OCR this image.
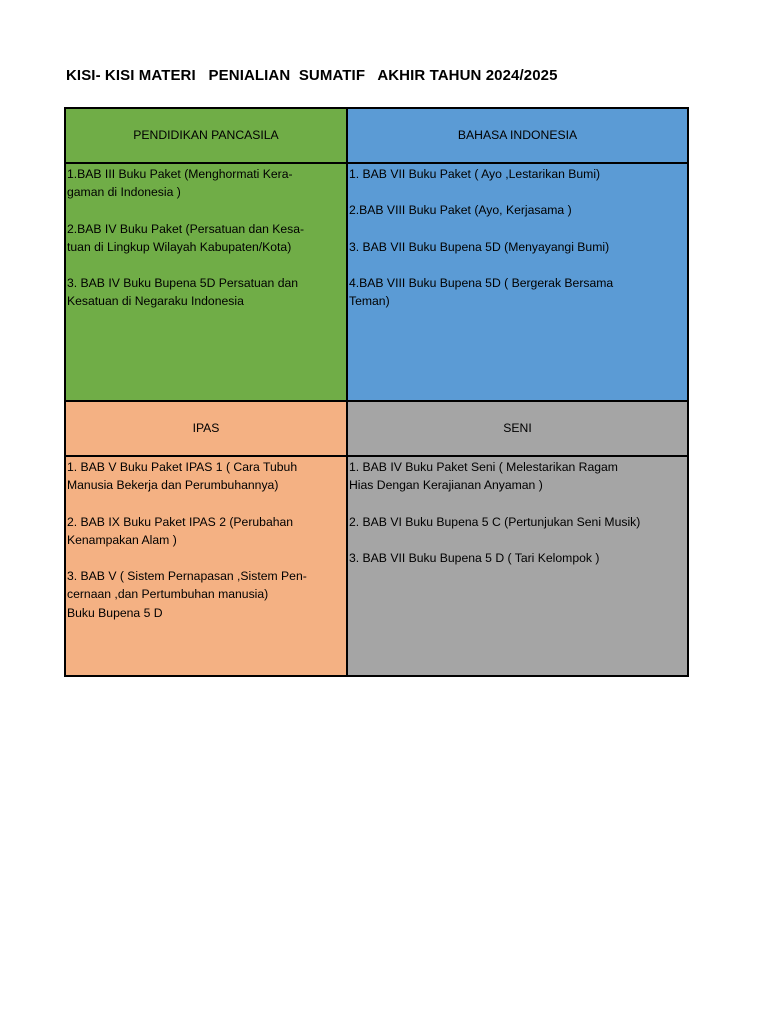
KISI- KISI MATERI   PENIALIAN  SUMATIF   AKHIR TAHUN 2024/2025
PENDIDIKAN PANCASILA	BAHASA INDONESIA
1.BAB III Buku Paket (Menghormati Kera-
gaman di Indonesia )
2.BAB IV Buku Paket (Persatuan dan Kesa-
tuan di Lingkup Wilayah Kabupaten/Kota)
3. BAB IV Buku Bupena 5D Persatuan dan
Kesatuan di Negaraku Indonesia
1. BAB VII Buku Paket ( Ayo ,Lestarikan Bumi)
2.BAB VIII Buku Paket (Ayo, Kerjasama )
3. BAB VII Buku Bupena 5D (Menyayangi Bumi)
4.BAB VIII Buku Bupena 5D ( Bergerak Bersama
Teman)
IPAS	SENI
1. BAB V Buku Paket IPAS 1 ( Cara Tubuh
Manusia Bekerja dan Perumbuhannya)
2. BAB IX Buku Paket IPAS 2 (Perubahan
Kenampakan Alam )
3. BAB V ( Sistem Pernapasan ,Sistem Pen-
cernaan ,dan Pertumbuhan manusia)
Buku Bupena 5 D
1. BAB IV Buku Paket Seni ( Melestarikan Ragam
Hias Dengan Kerajianan Anyaman )
2. BAB VI Buku Bupena 5 C (Pertunjukan Seni Musik)
3. BAB VII Buku Bupena 5 D ( Tari Kelompok )
